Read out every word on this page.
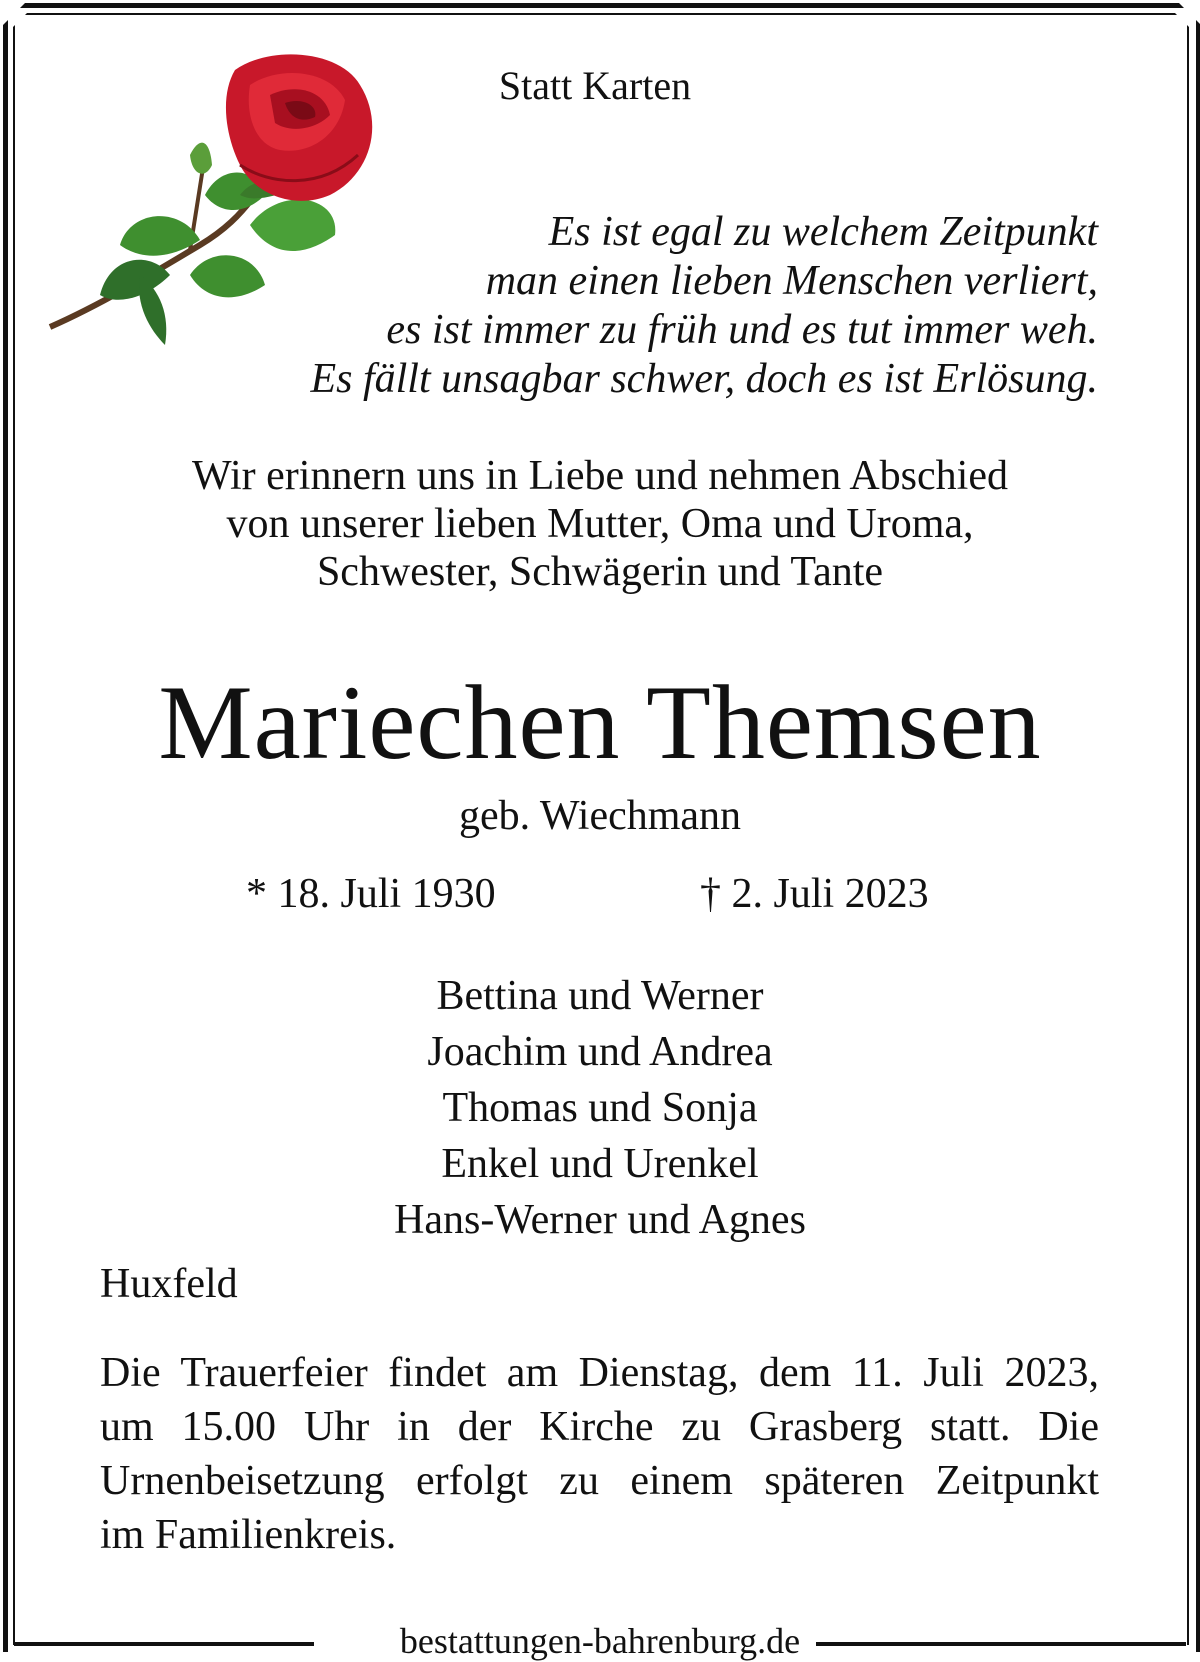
Statt Karten
Es ist egal zu welchem Zeitpunkt
man einen lieben Menschen verliert,
es ist immer zu früh und es tut immer weh.
Es fällt unsagbar schwer, doch es ist Erlösung.
Wir erinnern uns in Liebe und nehmen Abschied
von unserer lieben Mutter, Oma und Uroma,
Schwester, Schwägerin und Tante
Mariechen Themsen
geb. Wiechmann
* 18. Juli 1930	† 2. Juli 2023
Bettina und Werner
Joachim und Andrea
Thomas und Sonja
Enkel und Urenkel
Hans-Werner und Agnes
Huxfeld
Die Trauerfeier findet am Dienstag, dem 11. Juli 2023,
um 15.00 Uhr in der Kirche zu Grasberg statt. Die
Urnenbeisetzung erfolgt zu einem späteren Zeitpunkt
im Familienkreis.
bestattungen-bahrenburg.de
